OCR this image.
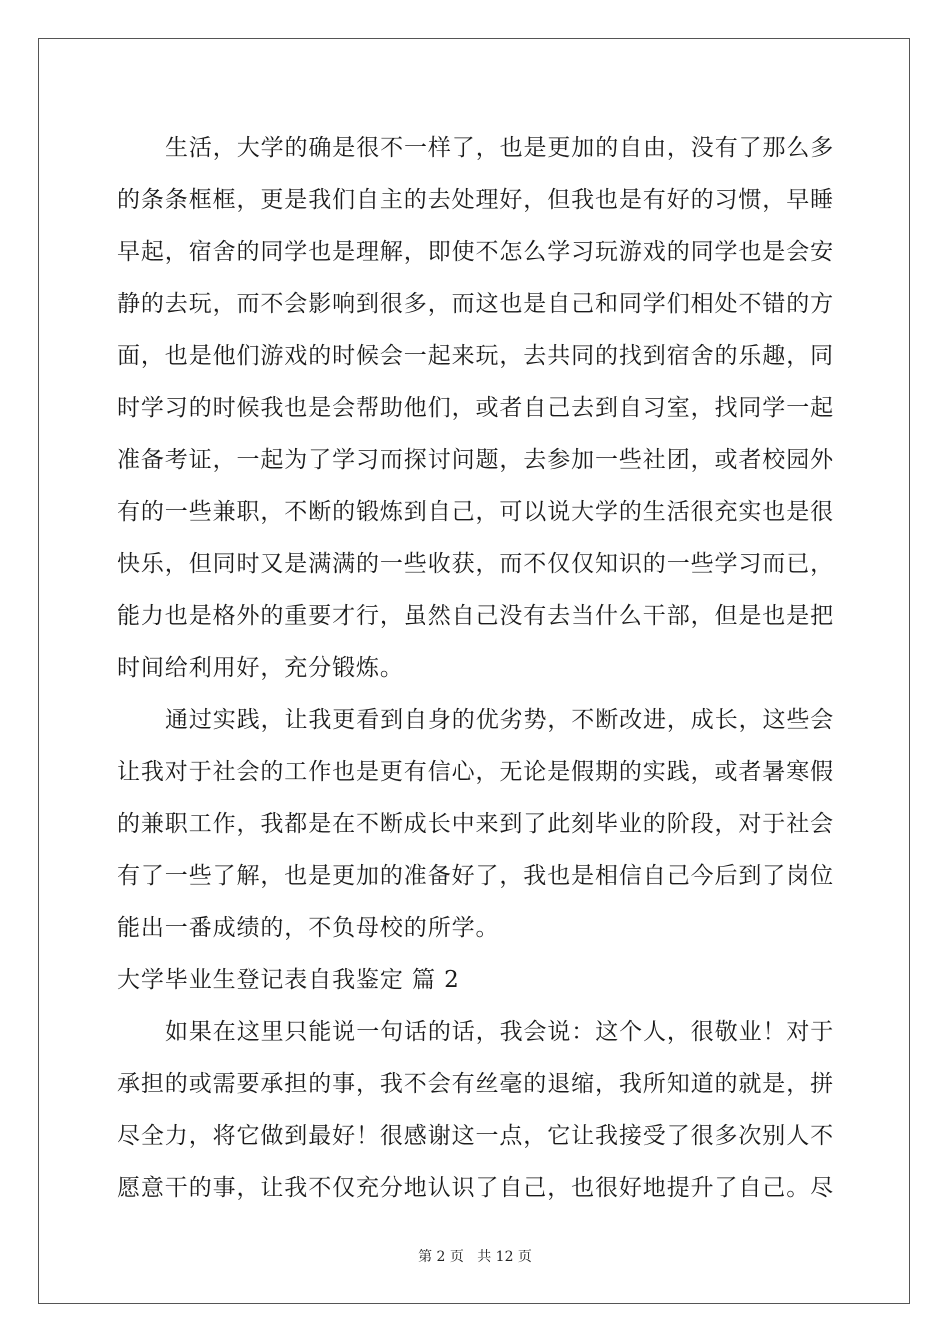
生活，大学的确是很不一样了，也是更加的自由，没有了那么多
的条条框框，更是我们自主的去处理好，但我也是有好的习惯，早睡
早起，宿舍的同学也是理解，即使不怎么学习玩游戏的同学也是会安
静的去玩，而不会影响到很多，而这也是自己和同学们相处不错的方
面，也是他们游戏的时候会一起来玩，去共同的找到宿舍的乐趣，同
时学习的时候我也是会帮助他们，或者自己去到自习室，找同学一起
准备考证，一起为了学习而探讨问题，去参加一些社团，或者校园外
有的一些兼职，不断的锻炼到自己，可以说大学的生活很充实也是很
快乐，但同时又是满满的一些收获，而不仅仅知识的一些学习而已，
能力也是格外的重要才行，虽然自己没有去当什么干部，但是也是把
时间给利用好，充分锻炼。
通过实践，让我更看到自身的优劣势，不断改进，成长，这些会
让我对于社会的工作也是更有信心，无论是假期的实践，或者暑寒假
的兼职工作，我都是在不断成长中来到了此刻毕业的阶段，对于社会
有了一些了解，也是更加的准备好了，我也是相信自己今后到了岗位
能出一番成绩的，不负母校的所学。
大学毕业生登记表自我鉴定 篇 2
如果在这里只能说一句话的话，我会说：这个人，很敬业！对于
承担的或需要承担的事，我不会有丝毫的退缩，我所知道的就是，拼
尽全力，将它做到最好！很感谢这一点，它让我接受了很多次别人不
愿意干的事，让我不仅充分地认识了自己，也很好地提升了自己。尽
第 2 页   共 12 页
